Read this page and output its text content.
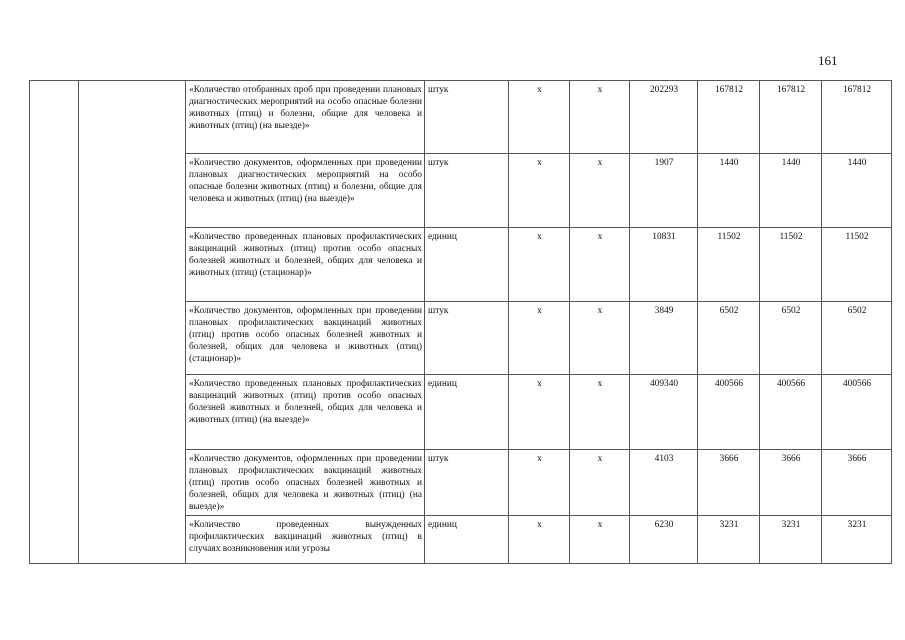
161
		«Количество отобранных проб при проведении плановых диагностических мероприятий на особо опасные болезни животных (птиц) и болезни, общие для человека и животных (птиц) (на выезде)»	штук	x	x	202293	167812	167812	167812
		«Количество документов, оформленных при проведении плановых диагностических мероприятий на особо опасные болезни животных (птиц) и болезни, общие для человека и животных (птиц) (на выезде)»	штук	x	x	1907	1440	1440	1440
		«Количество проведенных плановых профилактических вакцинаций животных (птиц) против особо опасных болезней животных и болезней, общих для человека и животных (птиц) (стационар)»	единиц	x	x	10831	11502	11502	11502
		«Количество документов, оформленных при проведении плановых профилактических вакцинаций животных (птиц) против особо опасных болезней животных и болезней, общих для человека и животных (птиц) (стационар)»	штук	x	x	3849	6502	6502	6502
		«Количество проведенных плановых профилактических вакцинаций животных (птиц) против особо опасных болезней животных и болезней, общих для человека и животных (птиц) (на выезде)»	единиц	x	x	409340	400566	400566	400566
		«Количество документов, оформленных при проведении плановых профилактических вакцинаций животных (птиц) против особо опасных болезней животных и болезней, общих для человека и животных (птиц) (на выезде)»	штук	x	x	4103	3666	3666	3666
		«Количество проведенных вынужденных профилактических вакцинаций животных (птиц) в случаях возникновения или угрозы	единиц	x	x	6230	3231	3231	3231
